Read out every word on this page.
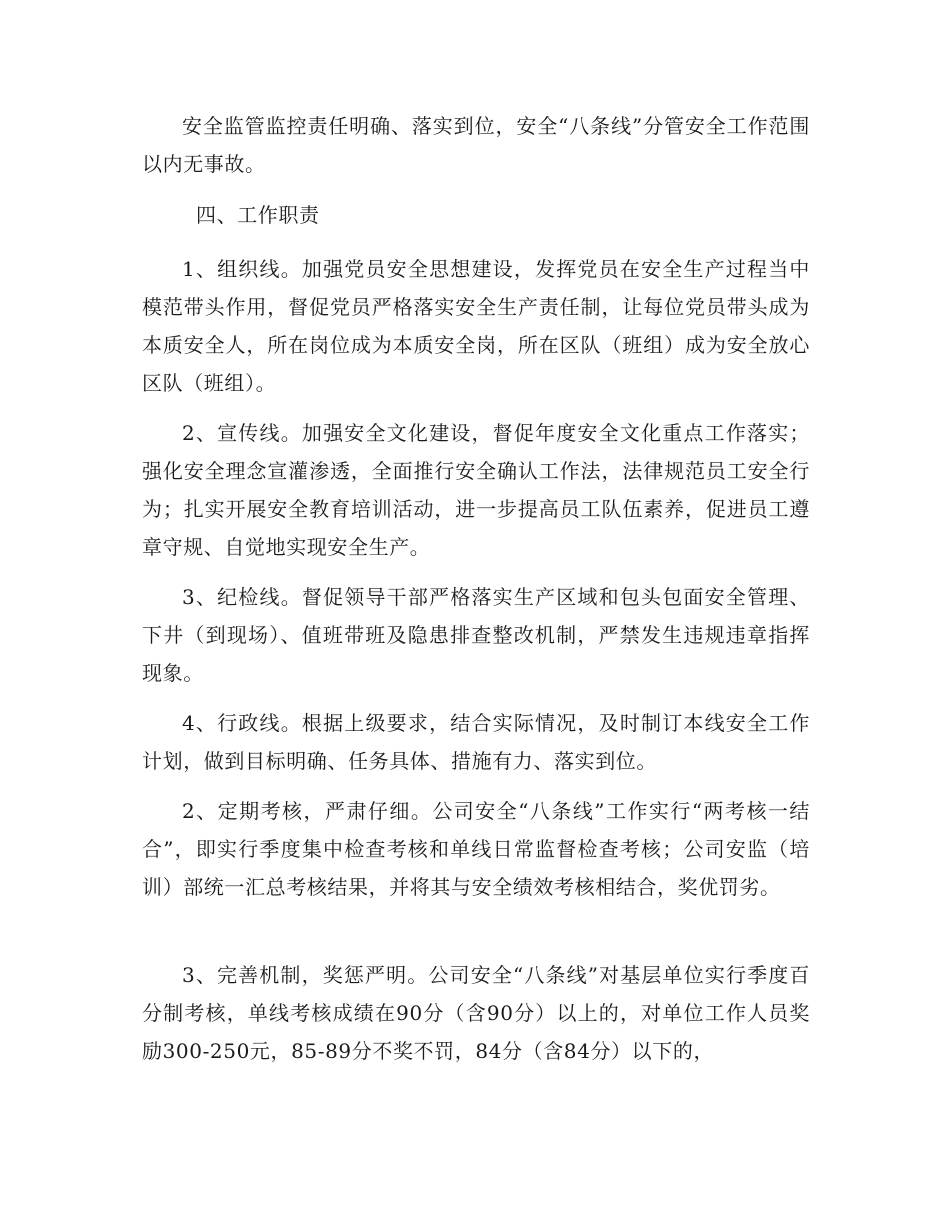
安全监管监控责任明确、落实到位，安全“八条线”分管安全工作范围以内无事故。

四、工作职责

1、组织线。加强党员安全思想建设，发挥党员在安全生产过程当中模范带头作用，督促党员严格落实安全生产责任制，让每位党员带头成为本质安全人，所在岗位成为本质安全岗，所在区队（班组）成为安全放心区队（班组）。

2、宣传线。加强安全文化建设，督促年度安全文化重点工作落实；强化安全理念宣灌渗透，全面推行安全确认工作法，法律规范员工安全行为；扎实开展安全教育培训活动，进一步提高员工队伍素养，促进员工遵章守规、自觉地实现安全生产。

3、纪检线。督促领导干部严格落实生产区域和包头包面安全管理、下井（到现场）、值班带班及隐患排查整改机制，严禁发生违规违章指挥现象。

4、行政线。根据上级要求，结合实际情况，及时制订本线安全工作计划，做到目标明确、任务具体、措施有力、落实到位。

2、定期考核，严肃仔细。公司安全“八条线”工作实行“两考核一结合”，即实行季度集中检查考核和单线日常监督检查考核；公司安监（培训）部统一汇总考核结果，并将其与安全绩效考核相结合，奖优罚劣。

3、完善机制，奖惩严明。公司安全“八条线”对基层单位实行季度百分制考核，单线考核成绩在90分（含90分）以上的，对单位工作人员奖励300-250元，85-89分不奖不罚，84分（含84分）以下的，
